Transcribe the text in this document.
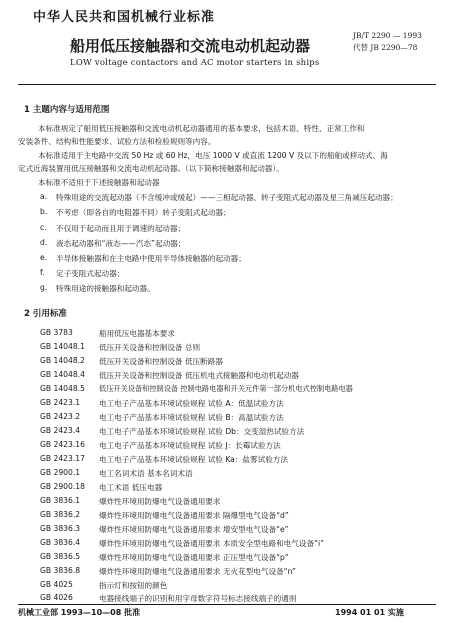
中华人民共和国机械行业标准
JB/T 2290 — 1993
代替 JB 2290—78
船用低压接触器和交流电动机起动器
LOW voltage contactors and AC motor starters in ships
1 主题内容与适用范围
本标准规定了船用低压接触器和交流电动机起动器通用的基本要求，包括术语、特性、正常工作和
安装条件、结构和性能要求、试验方法和检验规则等内容。
本标准适用于主电路中交流 50 Hz 或 60 Hz，电压 1000 V 或直流 1200 V 及以下的船舶或移动式、海
定式近海装置用低压接触器和交流电动机起动器。（以下简称接触器和起动器）。
本标准不适用于下述接触器和起动器
a. 特殊用途的交流起动器（不含缓冲或缓起）——三相起动器、转子变阻式起动器及星三角减压起动器；
b. 不考虑（即各自的电阻器不同）转子变阻式起动器；
c. 不仅用于起动而且用于调速的起动器；
d. 液态起动器和“液态——汽态”起动器；
e. 半导体接触器和在主电路中使用半导体接触器的起动器；
f. 定子变阻式起动器；
g. 特殊用途的接触器和起动器。
2 引用标准
GB 3783	船用低压电器基本要求
GB 14048.1 低压开关设备和控制设备 总则
GB 14048.2 低压开关设备和控制设备 低压断路器
GB 14048.4 低压开关设备和控制设备 低压机电式接触器和电动机起动器
GB 14048.5 低压开关设备和控制设备 控制电路电器和开关元件第一部分机电式控制电路电器
GB 2423.1 电工电子产品基本环境试验规程 试验 A：低温试验方法
GB 2423.2 电工电子产品基本环境试验规程 试验 B：高温试验方法
GB 2423.4 电工电子产品基本环境试验规程 试验 Db：交变湿热试验方法
GB 2423.16 电工电子产品基本环境试验规程 试验 J：长霉试验方法
GB 2423.17 电工电子产品基本环境试验规程 试验 Ka：盐雾试验方法
GB 2900.1 电工名词术语 基本名词术语
GB 2900.18 电工术语 低压电器
GB 3836.1 爆炸性环境用防爆电气设备通用要求
GB 3836.2 爆炸性环境用防爆电气设备通用要求 隔爆型电气设备“d”
GB 3836.3 爆炸性环境用防爆电气设备通用要求 增安型电气设备“e”
GB 3836.4 爆炸性环境用防爆电气设备通用要求 本质安全型电路和电气设备“i”
GB 3836.5 爆炸性环境用防爆电气设备通用要求 正压型电气设备“p”
GB 3836.8 爆炸性环境用防爆电气设备通用要求 无火花型电气设备“n”
GB 4025	指示灯和按钮的颜色
GB 4026	电器接线端子的识别和用字母数字符号标志接线端子的通则
机械工业部 1993—10—08 批准	1994 01 01 实施
